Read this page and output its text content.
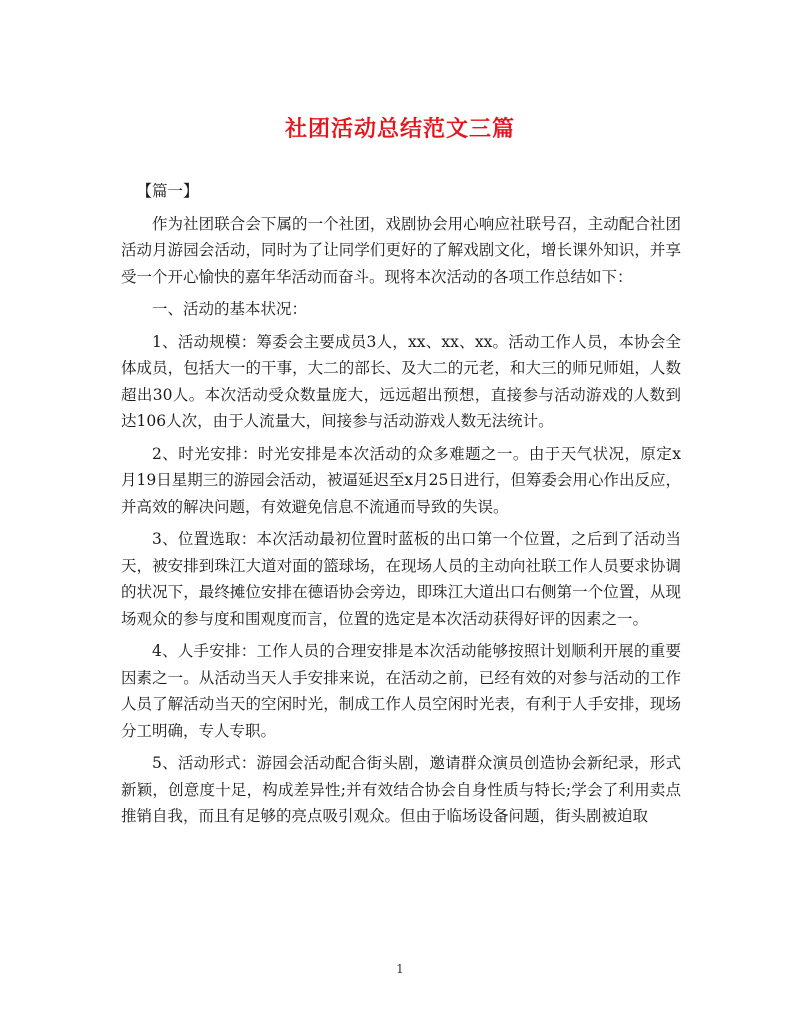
社团活动总结范文三篇
【篇一】

作为社团联合会下属的一个社团，戏剧协会用心响应社联号召，主动配合社团活动月游园会活动，同时为了让同学们更好的了解戏剧文化，增长课外知识，并享受一个开心愉快的嘉年华活动而奋斗。现将本次活动的各项工作总结如下：

一、活动的基本状况：

1、活动规模：筹委会主要成员3人，xx、xx、xx。活动工作人员，本协会全体成员，包括大一的干事，大二的部长、及大二的元老，和大三的师兄师姐，人数超出30人。本次活动受众数量庞大，远远超出预想，直接参与活动游戏的人数到达106人次，由于人流量大，间接参与活动游戏人数无法统计。

2、时光安排：时光安排是本次活动的众多难题之一。由于天气状况，原定x月19日星期三的游园会活动，被逼延迟至x月25日进行，但筹委会用心作出反应，并高效的解决问题，有效避免信息不流通而导致的失误。

3、位置选取：本次活动最初位置时蓝板的出口第一个位置，之后到了活动当天，被安排到珠江大道对面的篮球场，在现场人员的主动向社联工作人员要求协调的状况下，最终摊位安排在德语协会旁边，即珠江大道出口右侧第一个位置，从现场观众的参与度和围观度而言，位置的选定是本次活动获得好评的因素之一。

4、人手安排：工作人员的合理安排是本次活动能够按照计划顺利开展的重要因素之一。从活动当天人手安排来说，在活动之前，已经有效的对参与活动的工作人员了解活动当天的空闲时光，制成工作人员空闲时光表，有利于人手安排，现场分工明确，专人专职。

5、活动形式：游园会活动配合街头剧，邀请群众演员创造协会新纪录，形式新颖，创意度十足，构成差异性;并有效结合协会自身性质与特长;学会了利用卖点推销自我，而且有足够的亮点吸引观众。但由于临场设备问题，街头剧被迫取

1
